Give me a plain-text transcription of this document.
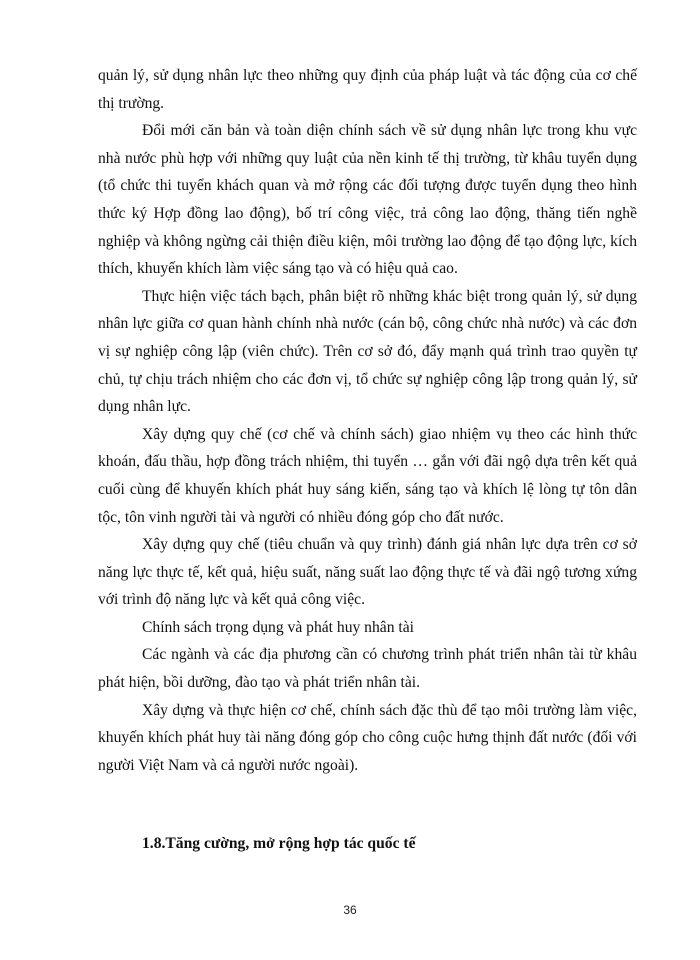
quản lý, sử dụng nhân lực theo những quy định của pháp luật và tác động của cơ chế thị trường.

Đổi mới căn bản và toàn diện chính sách về sử dụng nhân lực trong khu vực nhà nước phù hợp với những quy luật của nền kinh tế thị trường, từ khâu tuyển dụng (tổ chức thi tuyển khách quan và mở rộng các đối tượng được tuyển dụng theo hình thức ký Hợp đồng lao động), bố trí công việc, trả công lao động, thăng tiến nghề nghiệp và không ngừng cải thiện điều kiện, môi trường lao động để tạo động lực, kích thích, khuyến khích làm việc sáng tạo và có hiệu quả cao.

Thực hiện việc tách bạch, phân biệt rõ những khác biệt trong quản lý, sử dụng nhân lực giữa cơ quan hành chính nhà nước (cán bộ, công chức nhà nước) và các đơn vị sự nghiệp công lập (viên chức). Trên cơ sở đó, đẩy mạnh quá trình trao quyền tự chủ, tự chịu trách nhiệm cho các đơn vị, tổ chức sự nghiệp công lập trong quản lý, sử dụng nhân lực.

Xây dựng quy chế (cơ chế và chính sách) giao nhiệm vụ theo các hình thức khoán, đấu thầu, hợp đồng trách nhiệm, thi tuyển … gắn với đãi ngộ dựa trên kết quả cuối cùng để khuyến khích phát huy sáng kiến, sáng tạo và khích lệ lòng tự tôn dân tộc, tôn vinh người tài và người có nhiều đóng góp cho đất nước.

Xây dựng quy chế (tiêu chuẩn và quy trình) đánh giá nhân lực dựa trên cơ sở năng lực thực tế, kết quả, hiệu suất, năng suất lao động thực tế và đãi ngộ tương xứng với trình độ năng lực và kết quả công việc.

Chính sách trọng dụng và phát huy nhân tài

Các ngành và các địa phương cần có chương trình phát triển nhân tài từ khâu phát hiện, bồi dưỡng, đào tạo và phát triển nhân tài.

Xây dựng và thực hiện cơ chế, chính sách đặc thù để tạo môi trường làm việc, khuyến khích phát huy tài năng đóng góp cho công cuộc hưng thịnh đất nước (đối với người Việt Nam và cả người nước ngoài).

1.8.Tăng cường, mở rộng hợp tác quốc tế
36
